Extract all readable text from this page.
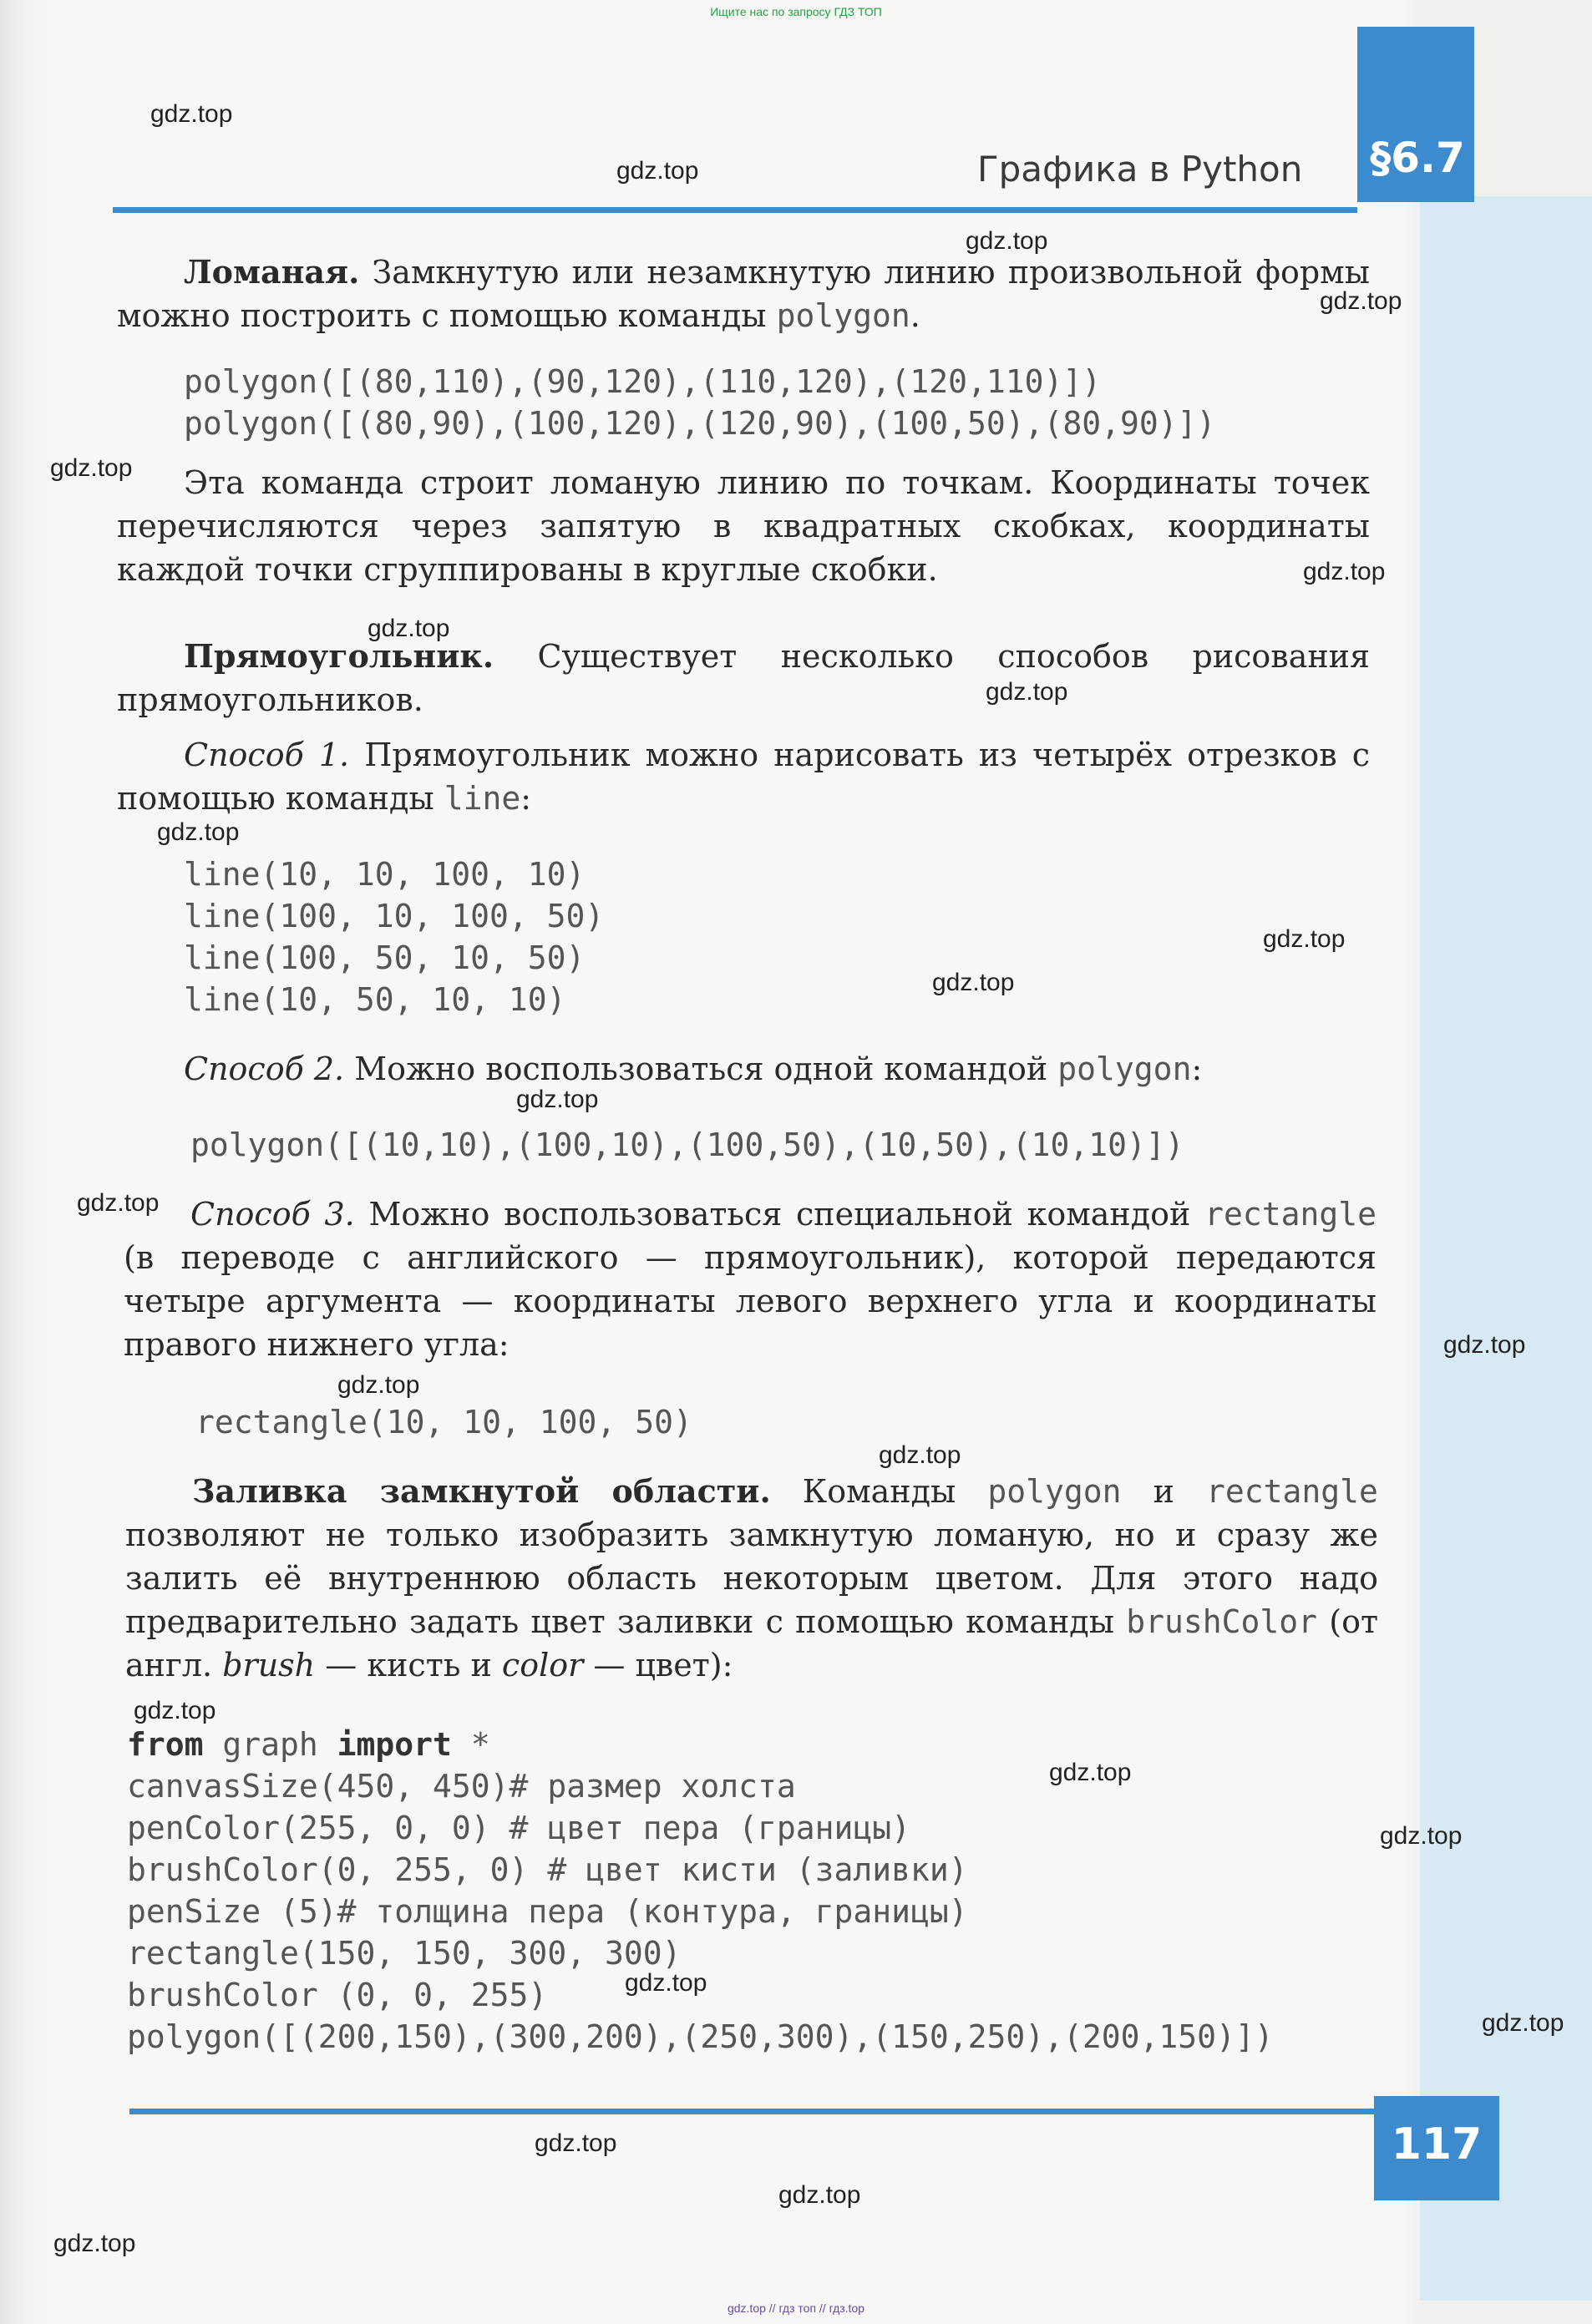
Ищите нас по запросу ГДЗ ТОП
§6.7
Графика в Python

Ломаная. Замкнутую или незамкнутую линию произвольной формы можно построить с помощью команды polygon.

polygon([(80,110),(90,120),(110,120),(120,110)])
polygon([(80,90),(100,120),(120,90),(100,50),(80,90)])

Эта команда строит ломаную линию по точкам. Координаты точек перечисляются через запятую в квадратных скобках, координаты каждой точки сгруппированы в круглые скобки.

Прямоугольник. Существует несколько способов рисования прямоугольников.

Способ 1. Прямоугольник можно нарисовать из четырёх отрезков с помощью команды line:

line(10, 10, 100, 10)
line(100, 10, 100, 50)
line(100, 50, 10, 50)
line(10, 50, 10, 10)

Способ 2. Можно воспользоваться одной командой polygon:

polygon([(10,10),(100,10),(100,50),(10,50),(10,10)])

Способ 3. Можно воспользоваться специальной командой rectangle (в переводе с английского — прямоугольник), которой передаются четыре аргумента — координаты левого верхнего угла и координаты правого нижнего угла:

rectangle(10, 10, 100, 50)

Заливка замкнутой области. Команды polygon и rectangle позволяют не только изобразить замкнутую ломаную, но и сразу же залить её внутреннюю область некоторым цветом. Для этого надо предварительно задать цвет заливки с помощью команды brushColor (от англ. brush — кисть и color — цвет):

from graph import *
canvasSize(450, 450)# размер холста
penColor(255, 0, 0) # цвет пера (границы)
brushColor(0, 255, 0) # цвет кисти (заливки)
penSize (5)# толщина пера (контура, границы)
rectangle(150, 150, 300, 300)
brushColor (0, 0, 255)
polygon([(200,150),(300,200),(250,300),(150,250),(200,150)])
117
gdz.top
gdz.top
gdz.top
gdz.top
gdz.top
gdz.top
gdz.top
gdz.top
gdz.top
gdz.top
gdz.top
gdz.top
gdz.top
gdz.top
gdz.top
gdz.top
gdz.top
gdz.top
gdz.top
gdz.top
gdz.top
gdz.top
gdz.top
gdz.top
gdz.top // гдз топ // гдз.top
